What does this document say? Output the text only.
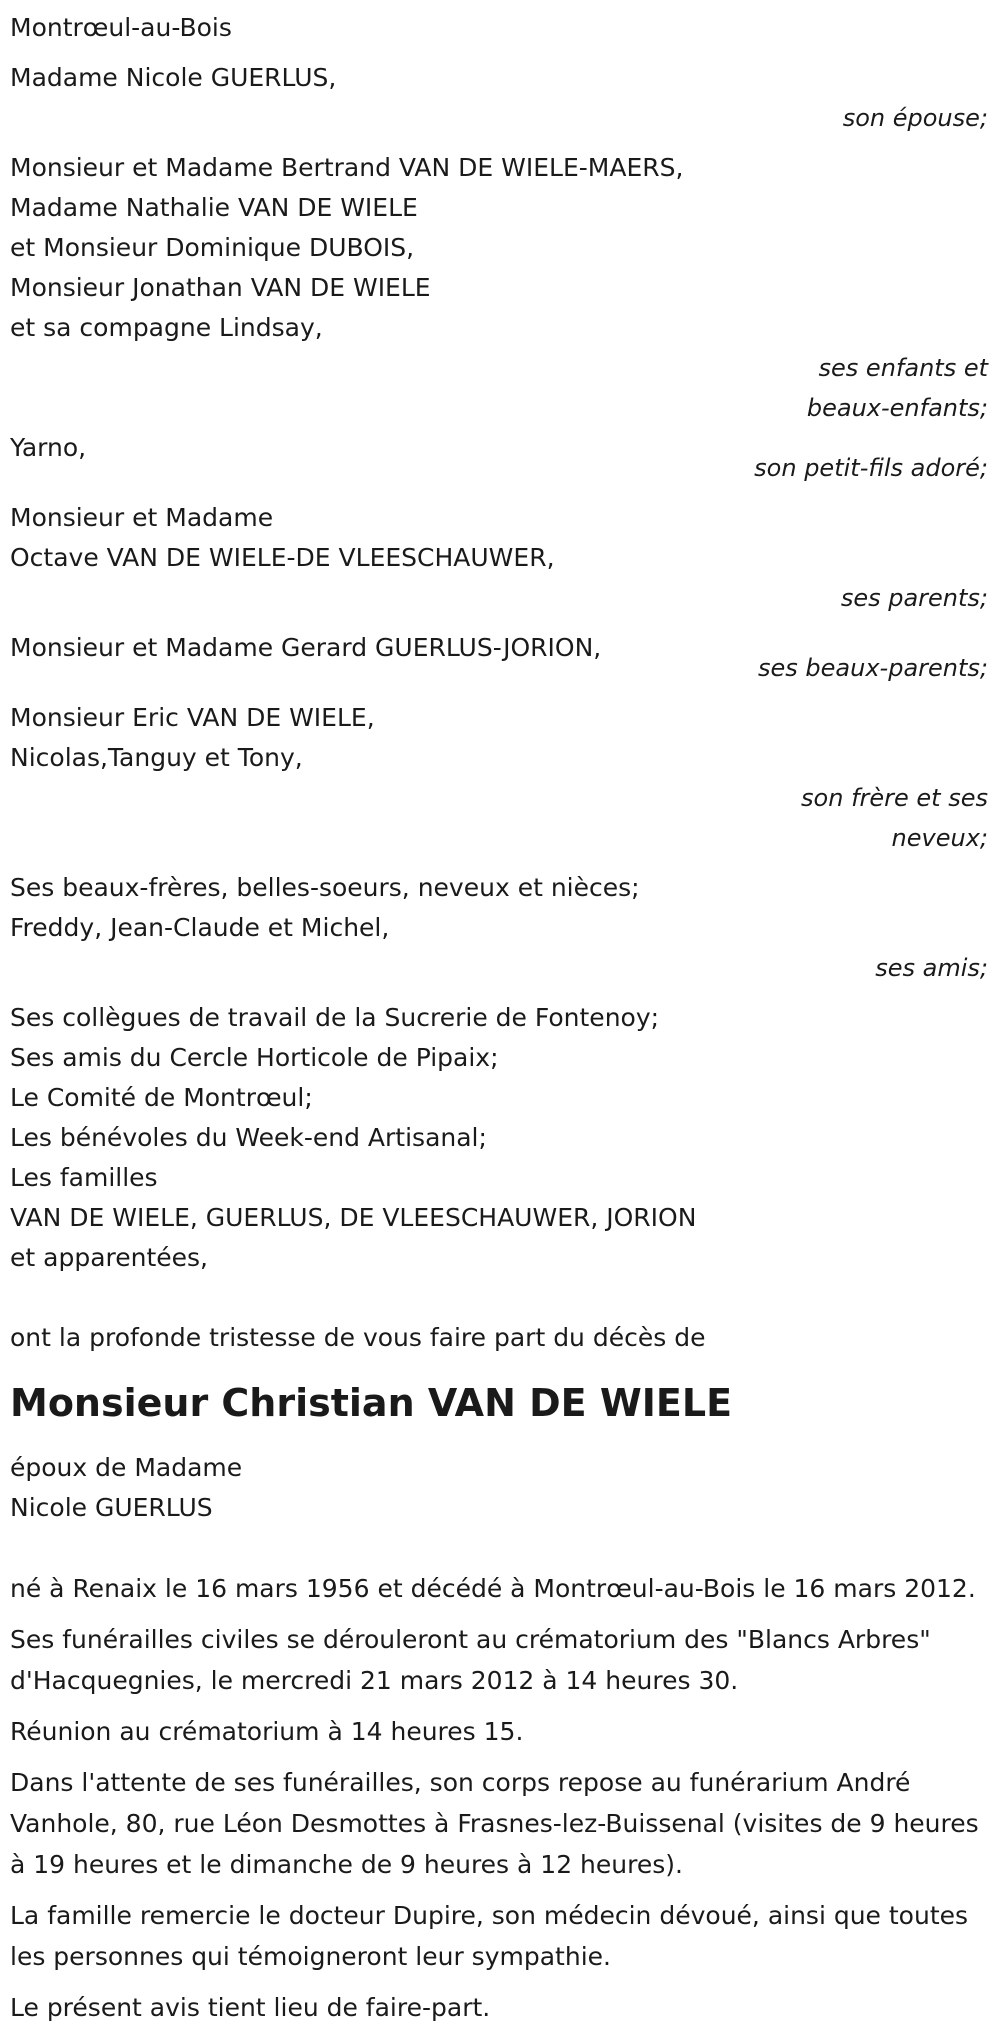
Montrœul-au-Bois
Madame Nicole GUERLUS,
son épouse;
Monsieur et Madame Bertrand VAN DE WIELE-MAERS,
Madame Nathalie VAN DE WIELE
et Monsieur Dominique DUBOIS,
Monsieur Jonathan VAN DE WIELE
et sa compagne Lindsay,
ses enfants et
beaux-enfants;
Yarno,
son petit-fils adoré;
Monsieur et Madame
Octave VAN DE WIELE-DE VLEESCHAUWER,
ses parents;
Monsieur et Madame Gerard GUERLUS-JORION,
ses beaux-parents;
Monsieur Eric VAN DE WIELE,
Nicolas,Tanguy et Tony,
son frère et ses
neveux;
Ses beaux-frères, belles-soeurs, neveux et nièces;
Freddy, Jean-Claude et Michel,
ses amis;
Ses collègues de travail de la Sucrerie de Fontenoy;
Ses amis du Cercle Horticole de Pipaix;
Le Comité de Montrœul;
Les bénévoles du Week-end Artisanal;
Les familles
VAN DE WIELE, GUERLUS, DE VLEESCHAUWER, JORION
et apparentées,
ont la profonde tristesse de vous faire part du décès de
Monsieur Christian VAN DE WIELE
époux de Madame
Nicole GUERLUS
né à Renaix le 16 mars 1956 et décédé à Montrœul-au-Bois le 16 mars 2012.
Ses funérailles civiles se dérouleront au crématorium des "Blancs Arbres" d'Hacquegnies, le mercredi 21 mars 2012 à 14 heures 30.
Réunion au crématorium à 14 heures 15.
Dans l'attente de ses funérailles, son corps repose au funérarium André Vanhole, 80, rue Léon Desmottes à Frasnes-lez-Buissenal (visites de 9 heures à 19 heures et le dimanche de 9 heures à 12 heures).
La famille remercie le docteur Dupire, son médecin dévoué, ainsi que toutes les personnes qui témoigneront leur sympathie.
Le présent avis tient lieu de faire-part.
